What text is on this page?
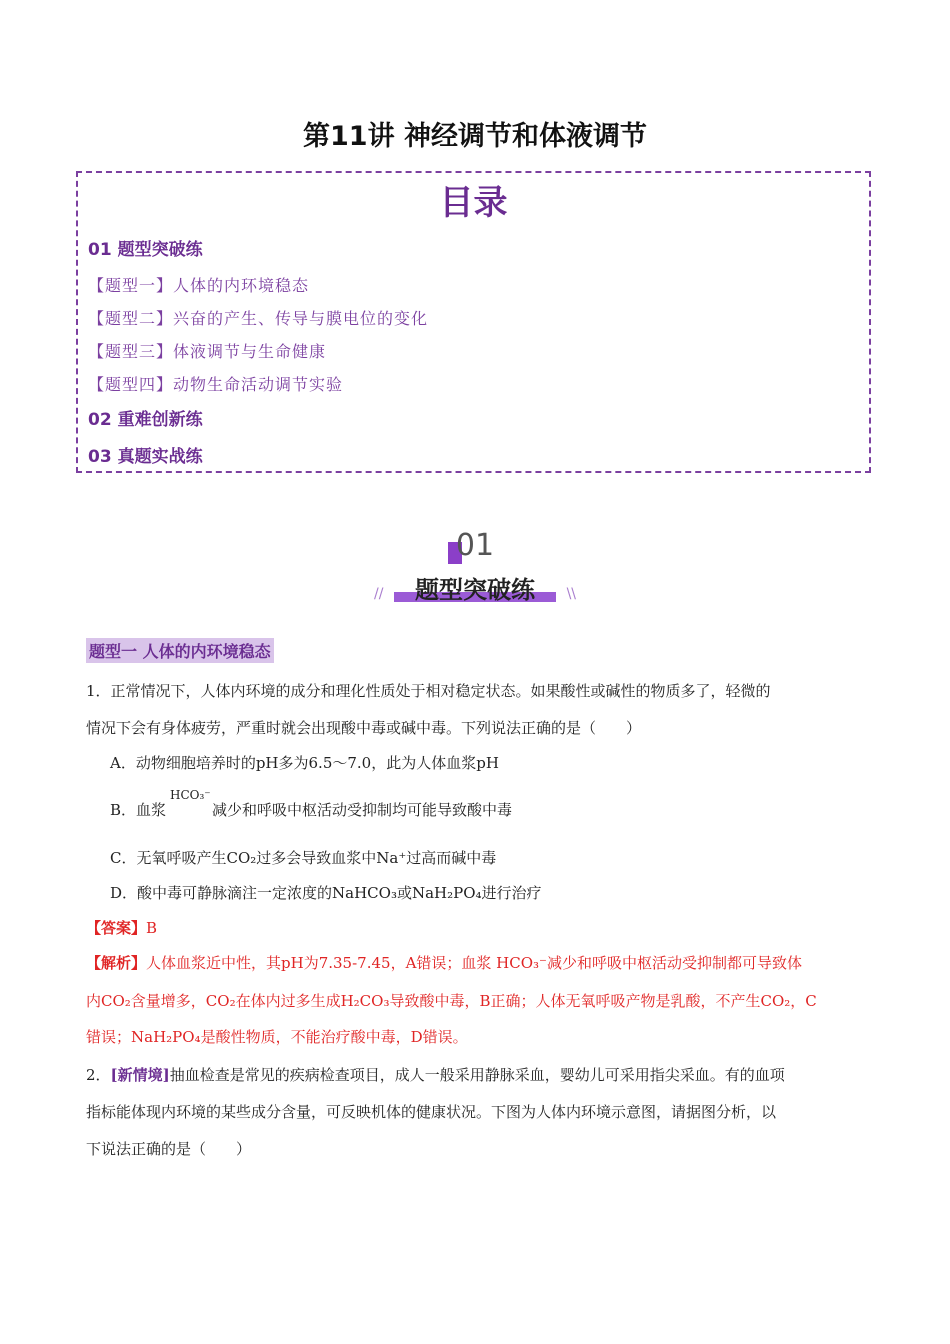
第11讲 神经调节和体液调节
目录
01 题型突破练
【题型一】人体的内环境稳态
【题型二】兴奋的产生、传导与膜电位的变化
【题型三】体液调节与生命健康
【题型四】动物生命活动调节实验
02 重难创新练
03 真题实战练
01
题型突破练
//	\\
题型一 人体的内环境稳态
1．正常情况下，人体内环境的成分和理化性质处于相对稳定状态。如果酸性或碱性的物质多了，轻微的
情况下会有身体疲劳，严重时就会出现酸中毒或碱中毒。下列说法正确的是（　　）
A．动物细胞培养时的pH多为6.5～7.0，此为人体血浆pH
B．血浆	减少和呼吸中枢活动受抑制均可能导致酸中毒
HCO₃⁻
C．无氧呼吸产生CO₂过多会导致血浆中Na⁺过高而碱中毒
D．酸中毒可静脉滴注一定浓度的NaHCO₃或NaH₂PO₄进行治疗
【答案】B
【解析】人体血浆近中性，其pH为7.35-7.45，A错误；血浆 HCO₃⁻减少和呼吸中枢活动受抑制都可导致体
内CO₂含量增多，CO₂在体内过多生成H₂CO₃导致酸中毒，B正确；人体无氧呼吸产物是乳酸，不产生CO₂，C
错误；NaH₂PO₄是酸性物质，不能治疗酸中毒，D错误。
2．[新情境]抽血检查是常见的疾病检查项目，成人一般采用静脉采血，婴幼儿可采用指尖采血。有的血项
指标能体现内环境的某些成分含量，可反映机体的健康状况。下图为人体内环境示意图，请据图分析，以
下说法正确的是（　　）
